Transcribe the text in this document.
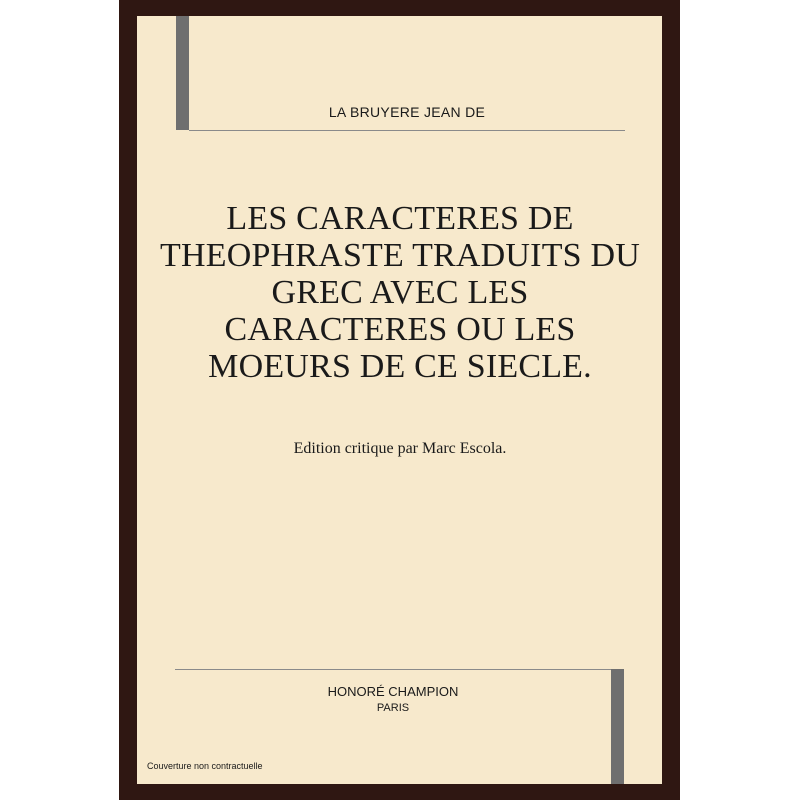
LA BRUYERE JEAN DE
LES CARACTERES DE THEOPHRASTE TRADUITS DU GREC AVEC LES CARACTERES OU LES MOEURS DE CE SIECLE.
Edition critique par Marc Escola.
HONORÉ CHAMPION
PARIS
Couverture non contractuelle
